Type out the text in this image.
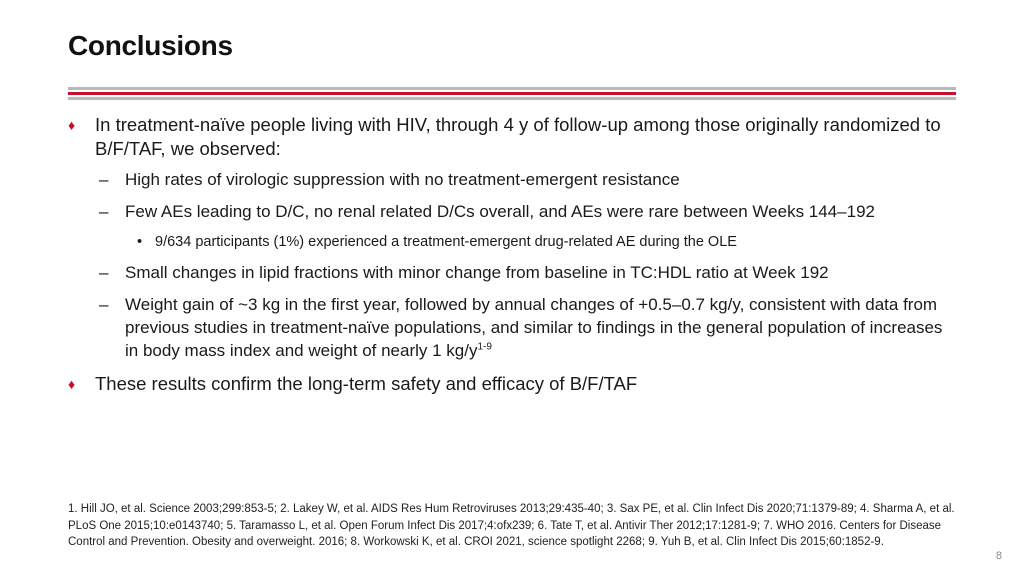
Conclusions
♦ In treatment-naïve people living with HIV, through 4 y of follow-up among those originally randomized to B/F/TAF, we observed:
– High rates of virologic suppression with no treatment-emergent resistance
– Few AEs leading to D/C, no renal related D/Cs overall, and AEs were rare between Weeks 144–192
• 9/634 participants (1%) experienced a treatment-emergent drug-related AE during the OLE
– Small changes in lipid fractions with minor change from baseline in TC:HDL ratio at Week 192
– Weight gain of ~3 kg in the first year, followed by annual changes of +0.5–0.7 kg/y, consistent with data from previous studies in treatment-naïve populations, and similar to findings in the general population of increases in body mass index and weight of nearly 1 $kg/y^{1-9}$
♦ These results confirm the long-term safety and efficacy of B/F/TAF
1. Hill JO, et al. Science 2003;299:853-5; 2. Lakey W, et al. AIDS Res Hum Retroviruses 2013;29:435-40; 3. Sax PE, et al. Clin Infect Dis 2020;71:1379-89; 4. Sharma A, et al. PLoS One 2015;10:e0143740; 5. Taramasso L, et al. Open Forum Infect Dis 2017;4:ofx239; 6. Tate T, et al. Antivir Ther 2012;17:1281-9; 7. WHO 2016. Centers for Disease Control and Prevention. Obesity and overweight. 2016; 8. Workowski K, et al. CROI 2021, science spotlight 2268; 9. Yuh B, et al. Clin Infect Dis 2015;60:1852-9.
8
